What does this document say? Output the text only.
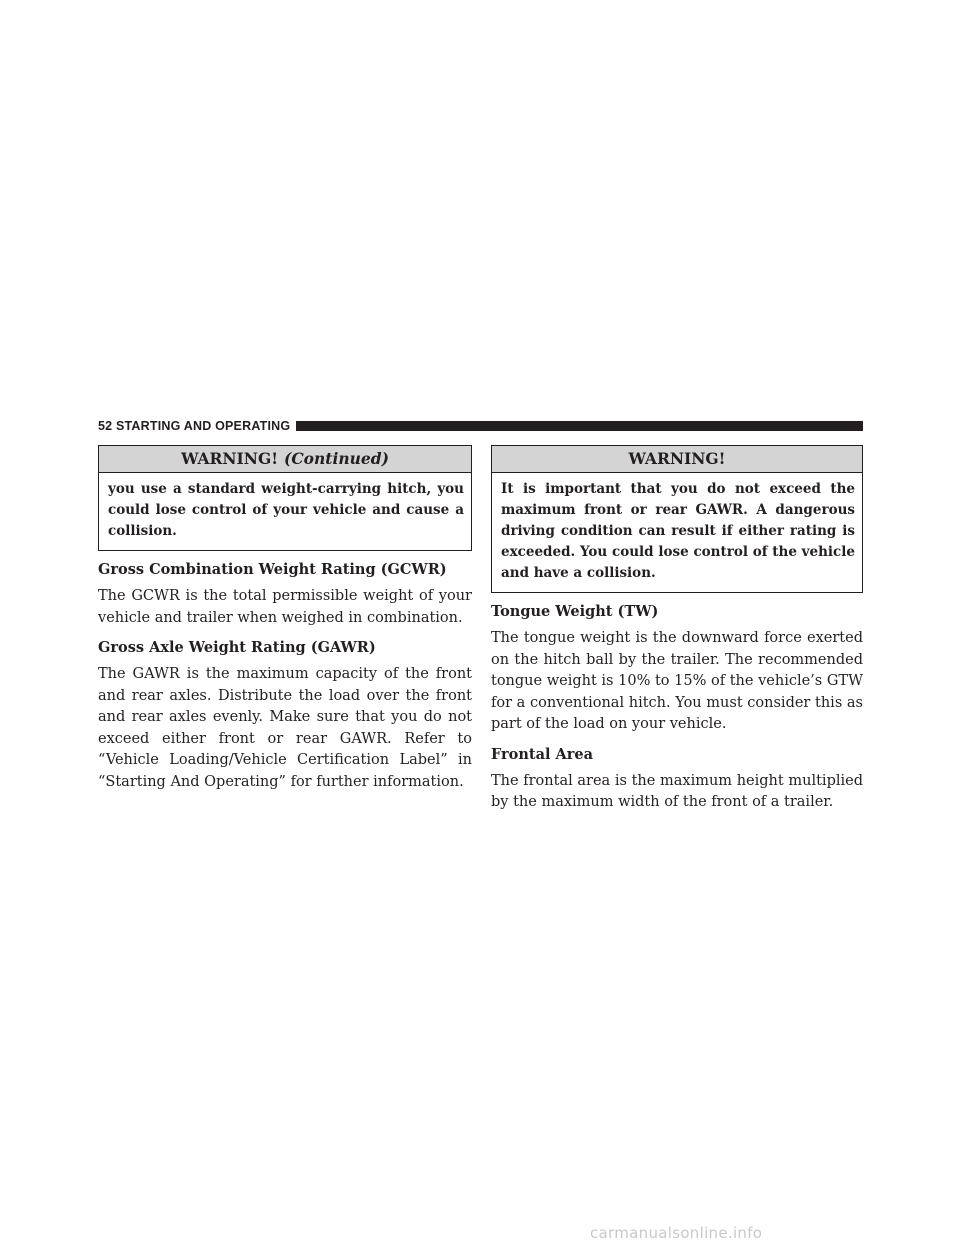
52 STARTING AND OPERATING
WARNING! (Continued)
you use a standard weight-carrying hitch, you could lose control of your vehicle and cause a collision.
Gross Combination Weight Rating (GCWR)

The GCWR is the total permissible weight of your vehicle and trailer when weighed in combination.

Gross Axle Weight Rating (GAWR)

The GAWR is the maximum capacity of the front and rear axles. Distribute the load over the front and rear axles evenly. Make sure that you do not exceed either front or rear GAWR. Refer to “Vehicle Loading/Vehicle Certification Label” in “Starting And Operating” for further information.

WARNING!
It is important that you do not exceed the maximum front or rear GAWR. A dangerous driving condition can result if either rating is exceeded. You could lose control of the vehicle and have a collision.
Tongue Weight (TW)

The tongue weight is the downward force exerted on the hitch ball by the trailer. The recommended tongue weight is 10% to 15% of the vehicle’s GTW for a conventional hitch. You must consider this as part of the load on your vehicle.

Frontal Area

The frontal area is the maximum height multiplied by the maximum width of the front of a trailer.

carmanualsonline.info
